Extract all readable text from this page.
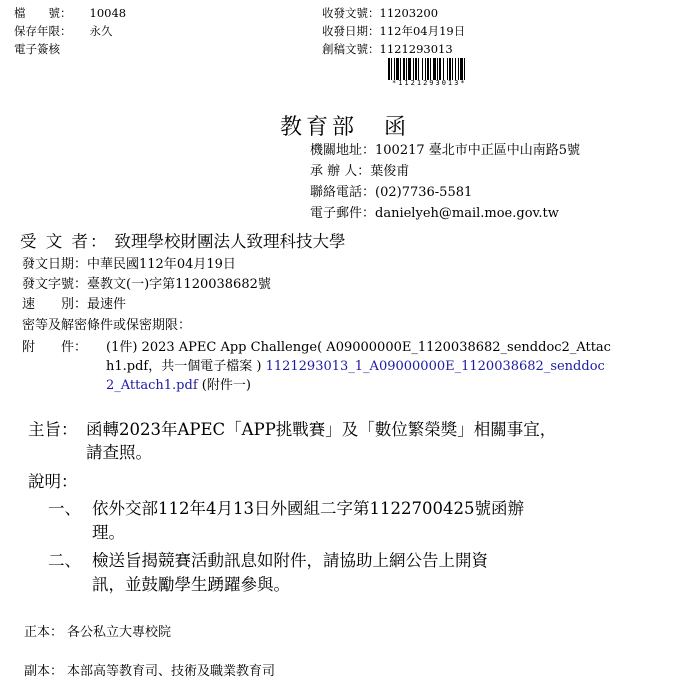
檔　　號： 10048
保存年限： 永久
電子簽核
收發文號：11203200
收發日期：112年04月19日
創稿文號：1121293013
*1121293013*
教育部　函
機關地址：100217 臺北市中正區中山南路5號
承 辦 人：葉俊甫
聯絡電話：(02)7736-5581
電子郵件：danielyeh@mail.moe.gov.tw
受 文 者： 致理學校財團法人致理科技大學
發文日期：中華民國112年04月19日
發文字號：臺教文(一)字第1120038682號
速　　別：最速件
密等及解密條件或保密期限：
附　　件： (1件) 2023 APEC App Challenge( A09000000E_1120038682_senddoc2_Attac
h1.pdf，共一個電子檔案 ) 1121293013_1_A09000000E_1120038682_senddoc
2_Attach1.pdf (附件一)
主旨： 函轉2023年APEC「APP挑戰賽」及「數位繁榮獎」相關事宜，
請查照。
說明：
一、 依外交部112年4月13日外國組二字第1122700425號函辦
理。
二、 檢送旨揭競賽活動訊息如附件，請協助上網公告上開資
訊，並鼓勵學生踴躍參與。
正本： 各公私立大專校院
副本： 本部高等教育司、技術及職業教育司
